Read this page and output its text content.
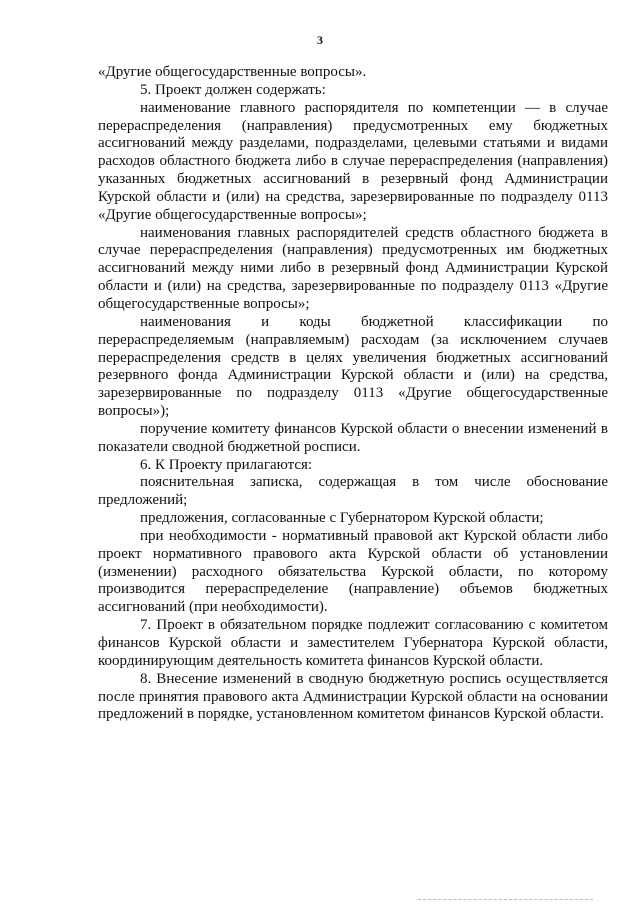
3

«Другие общегосударственные вопросы».

5. Проект должен содержать:

наименование главного распорядителя по компетенции — в случае перераспределения (направления) предусмотренных ему бюджетных ассигнований между разделами, подразделами, целевыми статьями и видами расходов областного бюджета либо в случае перераспределения (направления) указанных бюджетных ассигнований в резервный фонд Администрации Курской области и (или) на средства, зарезервированные по подразделу 0113 «Другие общегосударственные вопросы»;

наименования главных распорядителей средств областного бюджета в случае перераспределения (направления) предусмотренных им бюджетных ассигнований между ними либо в резервный фонд Администрации Курской области и (или) на средства, зарезервированные по подразделу 0113 «Другие общегосударственные вопросы»;

наименования и коды бюджетной классификации по перераспределяемым (направляемым) расходам (за исключением случаев перераспределения средств в целях увеличения бюджетных ассигнований резервного фонда Администрации Курской области и (или) на средства, зарезервированные по подразделу 0113 «Другие общегосударственные вопросы»);

поручение комитету финансов Курской области о внесении изменений в показатели сводной бюджетной росписи.

6. К Проекту прилагаются:

пояснительная записка, содержащая в том числе обоснование предложений;

предложения, согласованные с Губернатором Курской области;

при необходимости - нормативный правовой акт Курской области либо проект нормативного правового акта Курской области об установлении (изменении) расходного обязательства Курской области, по которому производится перераспределение (направление) объемов бюджетных ассигнований (при необходимости).

7. Проект в обязательном порядке подлежит согласованию с комитетом финансов Курской области и заместителем Губернатора Курской области, координирующим деятельность комитета финансов Курской области.

8. Внесение изменений в сводную бюджетную роспись осуществляется после принятия правового акта Администрации Курской области на основании предложений в порядке, установленном комитетом финансов Курской области.
